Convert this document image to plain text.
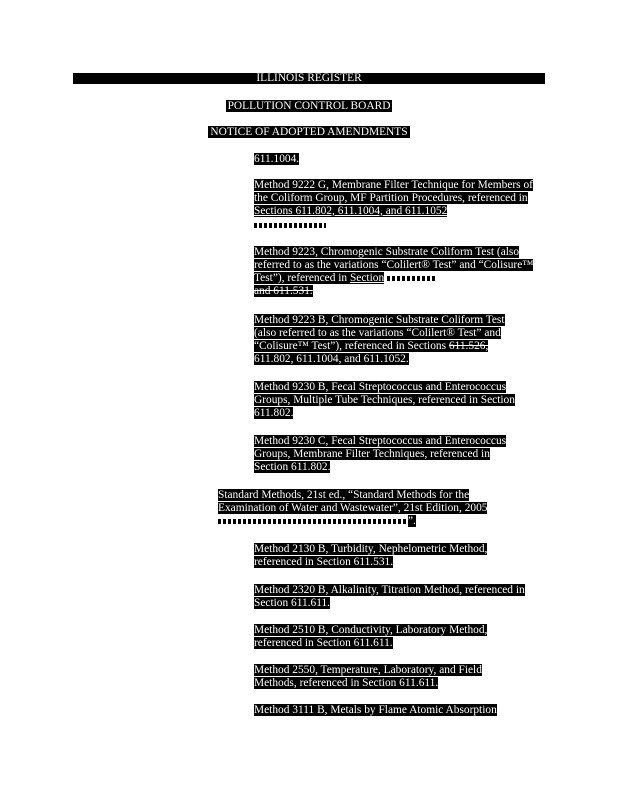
ILLINOIS REGISTER
POLLUTION CONTROL BOARD
NOTICE OF ADOPTED AMENDMENTS
611.1004.
Method 9222 G, Membrane Filter Technique for Members of the Coliform Group, MF Partition Procedures, referenced in Sections 611.802, 611.1004, and 611.1052
Method 9223, Chromogenic Substrate Coliform Test (also referred to as the variations “Colilert® Test” and “Colisure™ Test”), referenced in Section
and 611.531.
Method 9223 B, Chromogenic Substrate Coliform Test (also referred to as the variations “Colilert® Test” and “Colisure™ Test”), referenced in Sections 611.526, 611.802, 611.1004, and 611.1052.
Method 9230 B, Fecal Streptococcus and Enterococcus Groups, Multiple Tube Techniques, referenced in Section 611.802.
Method 9230 C, Fecal Streptococcus and Enterococcus Groups, Membrane Filter Techniques, referenced in Section 611.802.
Standard Methods, 21st ed., “Standard Methods for the Examination of Water and Wastewater”, 21st Edition, 2005
”.
Method 2130 B, Turbidity, Nephelometric Method, referenced in Section 611.531.
Method 2320 B, Alkalinity, Titration Method, referenced in Section 611.611.
Method 2510 B, Conductivity, Laboratory Method, referenced in Section 611.611.
Method 2550, Temperature, Laboratory, and Field Methods, referenced in Section 611.611.
Method 3111 B, Metals by Flame Atomic Absorption
